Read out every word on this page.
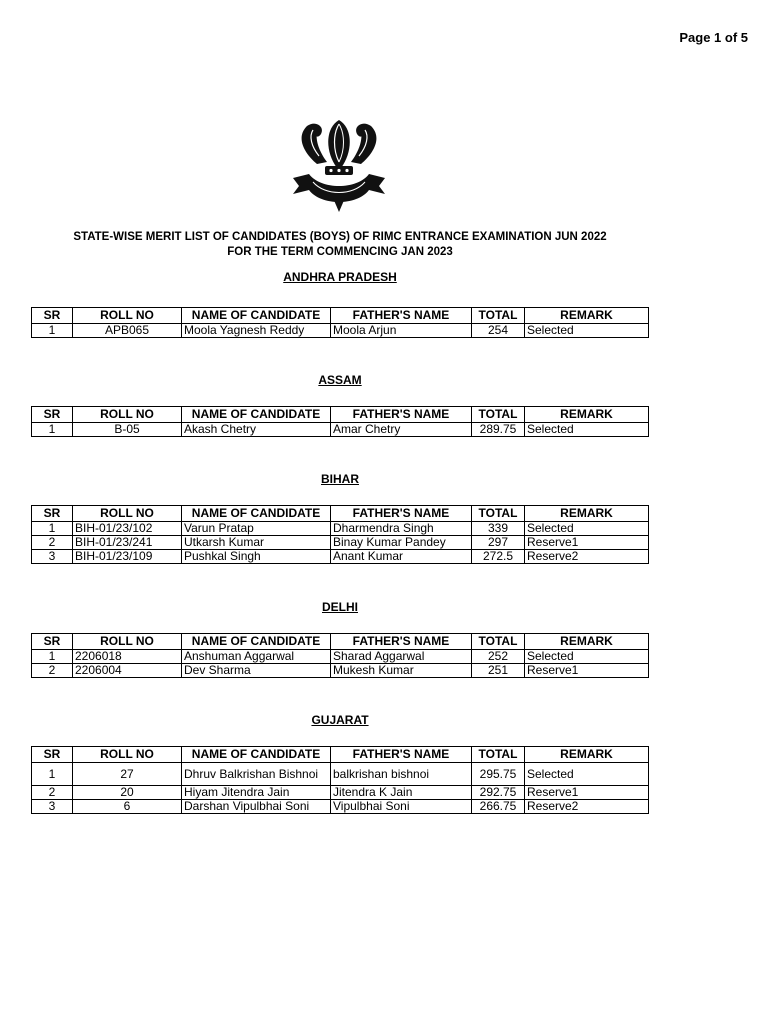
Page 1 of 5
STATE-WISE MERIT LIST OF CANDIDATES (BOYS) OF RIMC ENTRANCE EXAMINATION JUN 2022
FOR THE TERM COMMENCING JAN 2023
ANDHRA PRADESH
SR	ROLL NO	NAME OF CANDIDATE	FATHER'S NAME	TOTAL	REMARK
1	APB065	Moola Yagnesh Reddy	Moola Arjun	254	Selected
ASSAM
SR	ROLL NO	NAME OF CANDIDATE	FATHER'S NAME	TOTAL	REMARK
1	B-05	Akash Chetry	Amar Chetry	289.75	Selected
BIHAR
SR	ROLL NO	NAME OF CANDIDATE	FATHER'S NAME	TOTAL	REMARK
1	BIH-01/23/102	Varun Pratap	Dharmendra Singh	339	Selected
2	BIH-01/23/241	Utkarsh Kumar	Binay Kumar Pandey	297	Reserve1
3	BIH-01/23/109	Pushkal Singh	Anant Kumar	272.5	Reserve2
DELHI
SR	ROLL NO	NAME OF CANDIDATE	FATHER'S NAME	TOTAL	REMARK
1	2206018	Anshuman Aggarwal	Sharad Aggarwal	252	Selected
2	2206004	Dev Sharma	Mukesh Kumar	251	Reserve1
GUJARAT
SR	ROLL NO	NAME OF CANDIDATE	FATHER'S NAME	TOTAL	REMARK
1	27	Dhruv Balkrishan Bishnoi	balkrishan bishnoi	295.75	Selected
2	20	Hiyam Jitendra Jain	Jitendra K Jain	292.75	Reserve1
3	6	Darshan Vipulbhai Soni	Vipulbhai Soni	266.75	Reserve2
